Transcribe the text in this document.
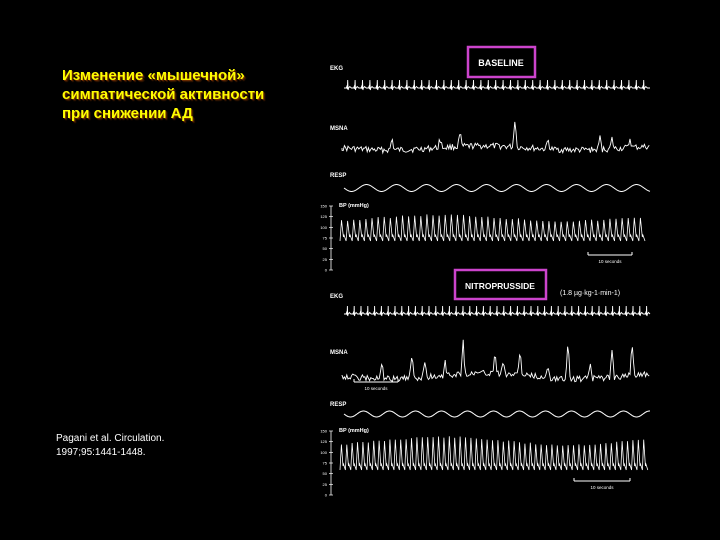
Изменение «мышечной»
симпатической активности
при снижении АД
BASELINE
EKG
MSNA
RESP
BP (mmHg)
150
125
100
75
50
25
0
10 seconds
NITROPRUSSIDE
(1.8 µg·kg-1·min-1)
EKG
MSNA
10 seconds
RESP
BP (mmHg)
150
125
100
75
50
25
0
10 seconds
Pagani et al. Circulation.
1997;95:1441-1448.
